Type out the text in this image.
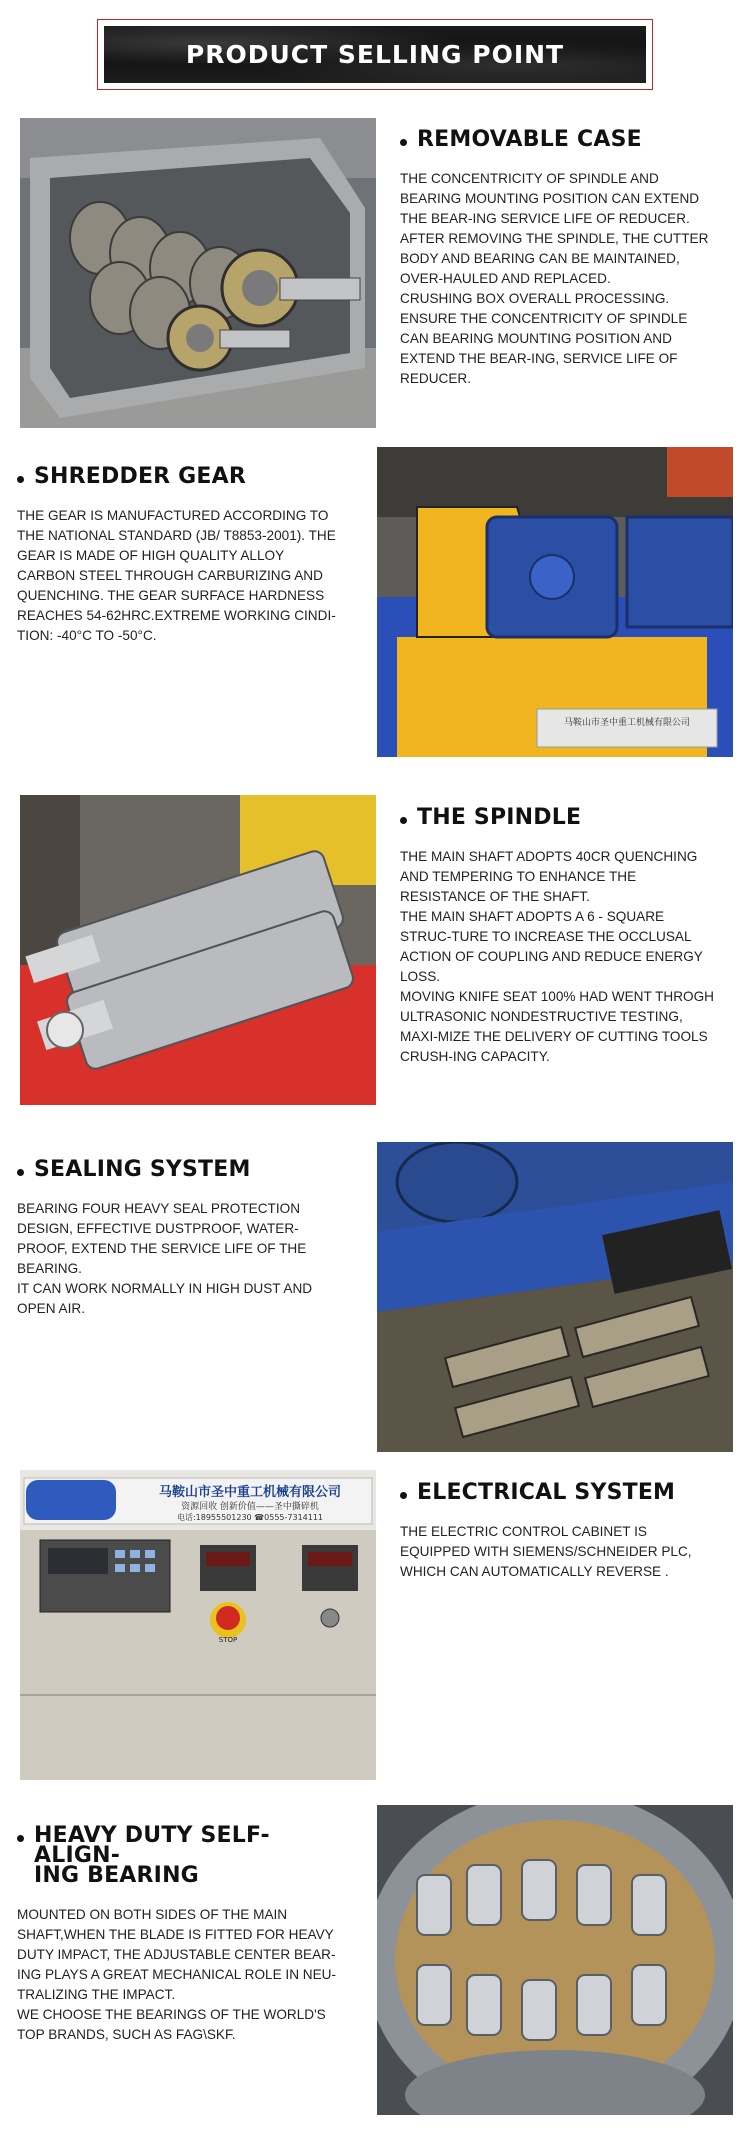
PRODUCT SELLING POINT
REMOVABLE CASE
THE CONCENTRICITY OF SPINDLE AND BEARING MOUNTING POSITION CAN EXTEND THE BEAR-ING SERVICE LIFE OF REDUCER.
AFTER REMOVING THE SPINDLE, THE CUTTER BODY AND BEARING CAN BE MAINTAINED, OVER-HAULED AND REPLACED.
CRUSHING BOX OVERALL PROCESSING. ENSURE THE CONCENTRICITY OF SPINDLE CAN BEARING MOUNTING POSITION AND EXTEND THE BEAR-ING, SERVICE LIFE OF REDUCER.
SHREDDER GEAR
THE GEAR IS MANUFACTURED ACCORDING TO THE NATIONAL STANDARD (JB/ T8853-2001). THE GEAR IS MADE OF HIGH QUALITY ALLOY CARBON STEEL THROUGH CARBURIZING AND QUENCHING. THE GEAR SURFACE HARDNESS REACHES 54-62HRC.EXTREME WORKING CINDI-TION: -40°C TO -50°C.
马鞍山市圣中重工机械有限公司
THE SPINDLE
THE MAIN SHAFT ADOPTS 40CR QUENCHING AND TEMPERING TO ENHANCE THE RESISTANCE OF THE SHAFT.
THE MAIN SHAFT ADOPTS A 6 - SQUARE STRUC-TURE TO INCREASE THE OCCLUSAL ACTION OF COUPLING AND REDUCE ENERGY LOSS.
MOVING KNIFE SEAT 100% HAD WENT THROGH ULTRASONIC NONDESTRUCTIVE TESTING, MAXI-MIZE THE DELIVERY OF CUTTING TOOLS CRUSH-ING CAPACITY.
SEALING SYSTEM
BEARING FOUR HEAVY SEAL PROTECTION DESIGN, EFFECTIVE DUSTPROOF, WATER-PROOF, EXTEND THE SERVICE LIFE OF THE BEARING.
IT CAN WORK NORMALLY IN HIGH DUST AND OPEN AIR.
马鞍山市圣中重工机械有限公司
资源回收 创新价值——圣中撕碎机
电话:18955501230 ☎0555-7314111
STOP
ELECTRICAL SYSTEM
THE ELECTRIC CONTROL CABINET IS EQUIPPED WITH SIEMENS/SCHNEIDER PLC, WHICH CAN AUTOMATICALLY REVERSE .
HEAVY DUTY SELF-ALIGN-
ING BEARING
MOUNTED ON BOTH SIDES OF THE MAIN SHAFT,WHEN THE BLADE IS FITTED FOR HEAVY DUTY IMPACT, THE ADJUSTABLE CENTER BEAR-ING PLAYS A GREAT MECHANICAL ROLE IN NEU-TRALIZING THE IMPACT.
WE CHOOSE THE BEARINGS OF THE WORLD'S TOP BRANDS, SUCH AS FAG\SKF.
